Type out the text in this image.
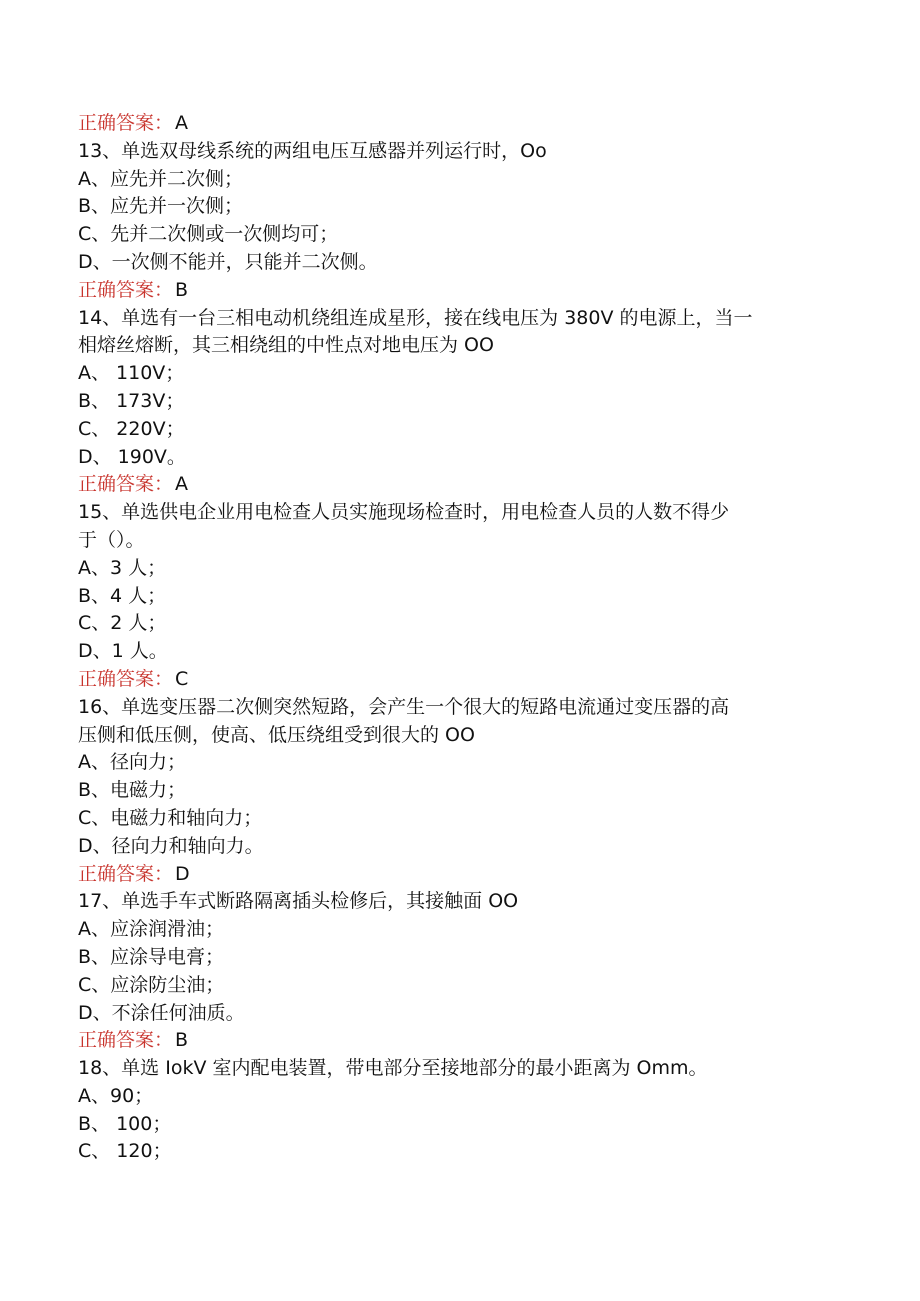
正确答案： A
13、单选双母线系统的两组电压互感器并列运行时，Oo
A、应先并二次侧；
B、应先并一次侧；
C、先并二次侧或一次侧均可；
D、一次侧不能并，只能并二次侧。
正确答案： B
14、单选有一台三相电动机绕组连成星形，接在线电压为 380V 的电源上，当一
相熔丝熔断，其三相绕组的中性点对地电压为 OO
A、 110V；
B、 173V；
C、 220V；
D、 190V。
正确答案： A
15、单选供电企业用电检查人员实施现场检查时，用电检查人员的人数不得少
于（）。
A、3 人；
B、4 人；
C、2 人；
D、1 人。
正确答案： C
16、单选变压器二次侧突然短路，会产生一个很大的短路电流通过变压器的高
压侧和低压侧，使高、低压绕组受到很大的 OO
A、径向力；
B、电磁力；
C、电磁力和轴向力；
D、径向力和轴向力。
正确答案： D
17、单选手车式断路隔离插头检修后，其接触面 OO
A、应涂润滑油；
B、应涂导电膏；
C、应涂防尘油；
D、不涂任何油质。
正确答案： B
18、单选 IokV 室内配电装置，带电部分至接地部分的最小距离为 Omm。
A、90；
B、 100；
C、 120；
